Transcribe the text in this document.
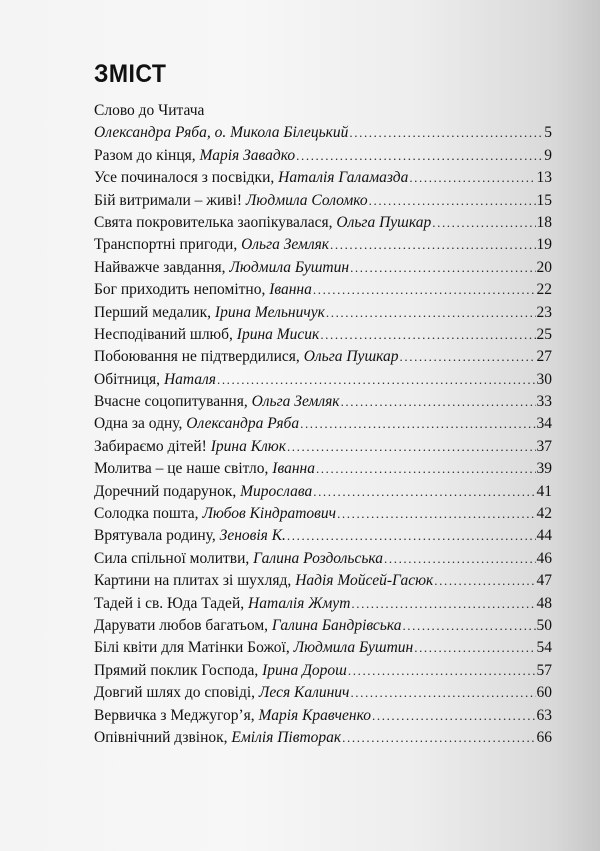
ЗМІСТ
Слово до Читача
Олександра Ряба, о. Микола Білецький .....	5
Разом до кінця, Марія Завадко .....	9
Усе починалося з посвідки, Наталія Галамазда .....	13
Бій витримали – живі! Людмила Соломко .....	15
Свята покровителька заопікувалася, Ольга Пушкар .....	18
Транспортні пригоди, Ольга Земляк .....	19
Найважче завдання, Людмила Буштин .....	20
Бог приходить непомітно, Іванна .....	22
Перший медалик, Ірина Мельничук .....	23
Несподіваний шлюб, Ірина Мисик .....	25
Побоювання не підтвердилися, Ольга Пушкар .....	27
Обітниця, Наталя .....	30
Вчасне соцопитування, Ольга Земляк .....	33
Одна за одну, Олександра Ряба .....	34
Забираємо дітей! Ірина Клюк .....	37
Молитва – це наше світло, Іванна .....	39
Доречний подарунок, Мирослава .....	41
Солодка пошта, Любов Кіндратович .....	42
Врятувала родину, Зеновія К. .....	44
Сила спільної молитви, Галина Роздольська .....	46
Картини на плитах зі шухляд, Надія Мойсей-Гасюк .....	47
Тадей і св. Юда Тадей, Наталія Жмут .....	48
Дарувати любов багатьом, Галина Бандрівська .....	50
Білі квіти для Матінки Божої, Людмила Буштин .....	54
Прямий поклик Господа, Ірина Дорош .....	57
Довгий шлях до сповіді, Леся Калинич .....	60
Вервичка з Меджугор’я, Марія Кравченко .....	63
Опівнічний дзвінок, Емілія Півторак .....	66
